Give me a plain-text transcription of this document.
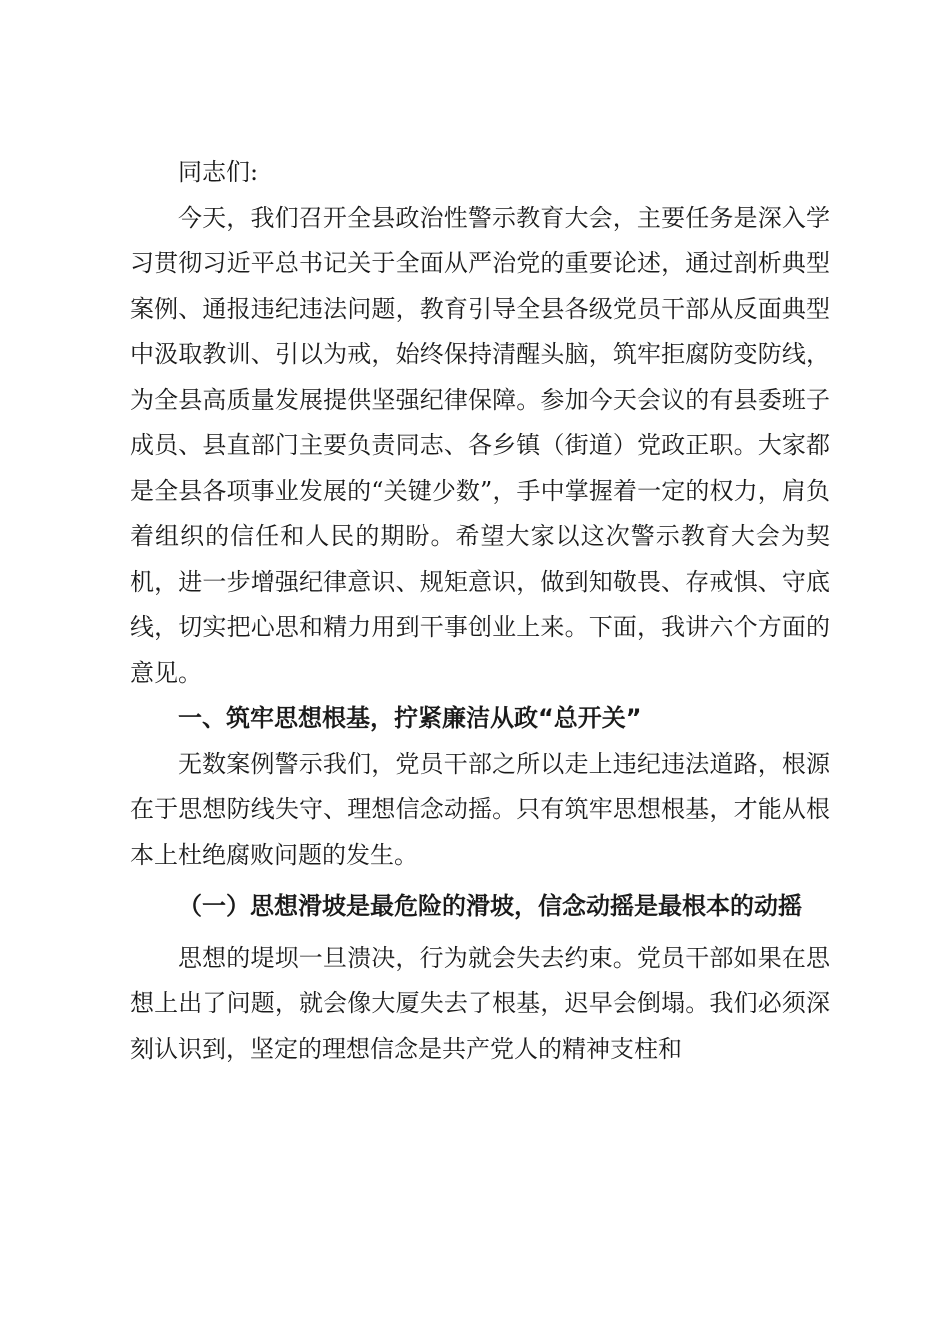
同志们:

今天，我们召开全县政治性警示教育大会，主要任务是深入学习贯彻习近平总书记关于全面从严治党的重要论述，通过剖析典型案例、通报违纪违法问题，教育引导全县各级党员干部从反面典型中汲取教训、引以为戒，始终保持清醒头脑，筑牢拒腐防变防线，为全县高质量发展提供坚强纪律保障。参加今天会议的有县委班子成员、县直部门主要负责同志、各乡镇（街道）党政正职。大家都是全县各项事业发展的“关键少数”，手中掌握着一定的权力，肩负着组织的信任和人民的期盼。希望大家以这次警示教育大会为契机，进一步增强纪律意识、规矩意识，做到知敬畏、存戒惧、守底线，切实把心思和精力用到干事创业上来。下面，我讲六个方面的意见。

一、筑牢思想根基，拧紧廉洁从政“总开关”

无数案例警示我们，党员干部之所以走上违纪违法道路，根源在于思想防线失守、理想信念动摇。只有筑牢思想根基，才能从根本上杜绝腐败问题的发生。

（一）思想滑坡是最危险的滑坡，信念动摇是最根本的动摇

思想的堤坝一旦溃决，行为就会失去约束。党员干部如果在思想上出了问题，就会像大厦失去了根基，迟早会倒塌。我们必须深刻认识到，坚定的理想信念是共产党人的精神支柱和
